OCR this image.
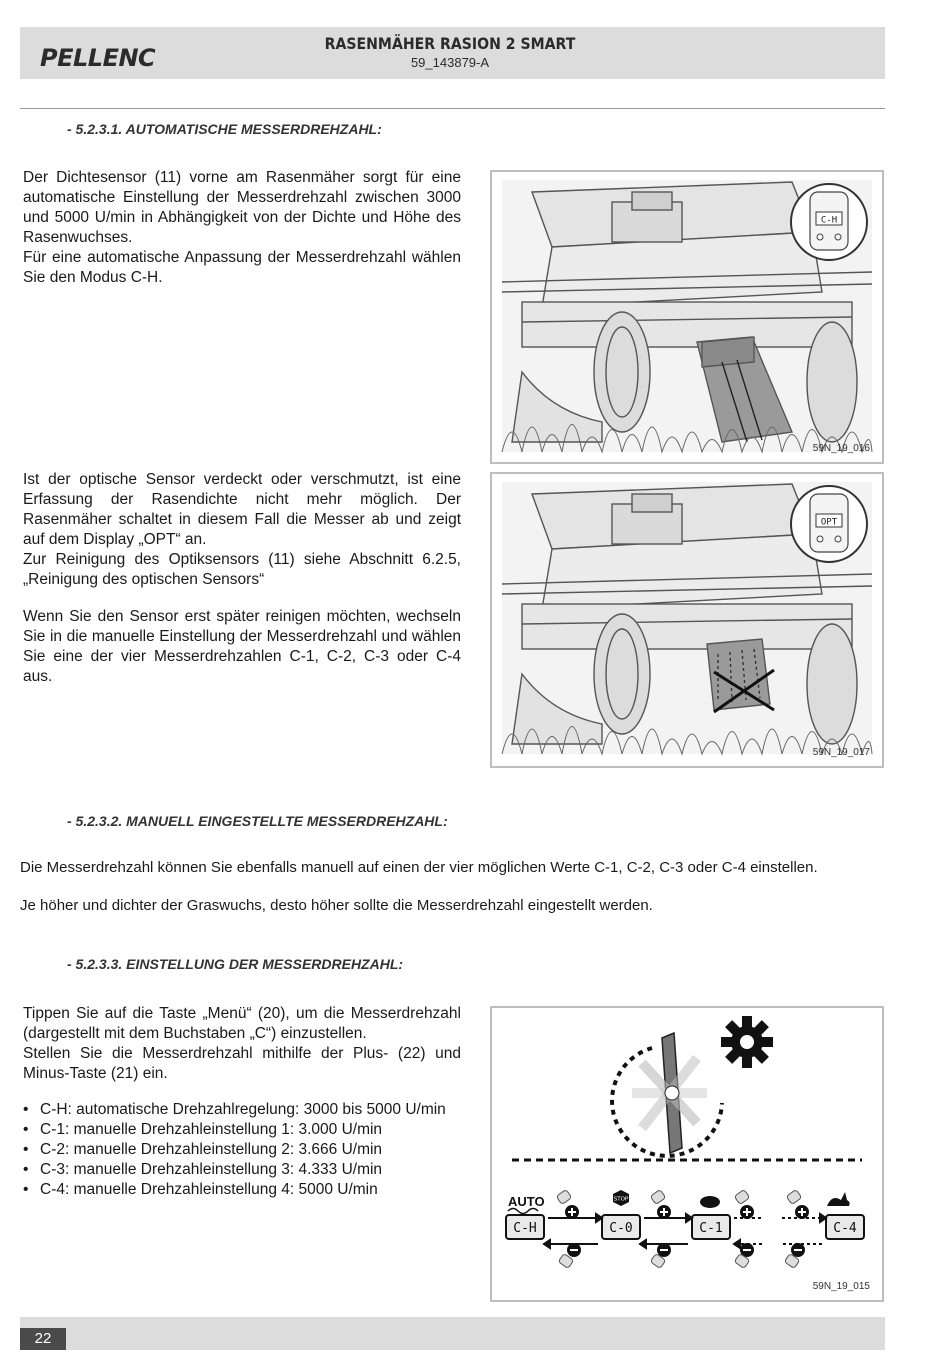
PELLENC
RASENMÄHER RASION 2 SMART
59_143879-A
- 5.2.3.1. AUTOMATISCHE MESSERDREHZAHL:

Der Dichtesensor (11) vorne am Rasenmäher sorgt für eine automatische Einstellung der Messerdrehzahl zwischen 3000 und 5000 U/min in Abhängigkeit von der Dichte und Höhe des Rasenwuchses.

Für eine automatische Anpassung der Messerdrehzahl wählen Sie den Modus C-H.

Ist der optische Sensor verdeckt oder verschmutzt, ist eine Erfassung der Rasendichte nicht mehr möglich. Der Rasenmäher schaltet in diesem Fall die Messer ab und zeigt auf dem Display „OPT“ an.

Zur Reinigung des Optiksensors (11) siehe Abschnitt 6.2.5, „Reinigung des optischen Sensors“

Wenn Sie den Sensor erst später reinigen möchten, wechseln Sie in die manuelle Einstellung der Messerdrehzahl und wählen Sie eine der vier Messerdrehzahlen C-1, C-2, C-3 oder C-4 aus.

C-H
59N_19_016
OPT
59N_19_017
- 5.2.3.2. MANUELL EINGESTELLTE MESSERDREHZAHL:

Die Messerdrehzahl können Sie ebenfalls manuell auf einen der vier möglichen Werte C-1, C-2, C-3 oder C-4 einstellen.

Je höher und dichter der Graswuchs, desto höher sollte die Messerdrehzahl eingestellt werden.

- 5.2.3.3. EINSTELLUNG DER MESSERDREHZAHL:

Tippen Sie auf die Taste „Menü“ (20), um die Messerdrehzahl (dargestellt mit dem Buchstaben „C“) einzustellen.

Stellen Sie die Messerdrehzahl mithilfe der Plus- (22) und Minus-Taste (21) ein.

• C-H: automatische Drehzahlregelung: 3000 bis 5000 U/min
• C-1: manuelle Drehzahleinstellung 1: 3.000 U/min
• C-2: manuelle Drehzahleinstellung 2: 3.666 U/min
• C-3: manuelle Drehzahleinstellung 3: 4.333 U/min
• C-4: manuelle Drehzahleinstellung 4: 5000 U/min
AUTO	STOP
C-H	C-0	C-1	C-4
59N_19_015
22
